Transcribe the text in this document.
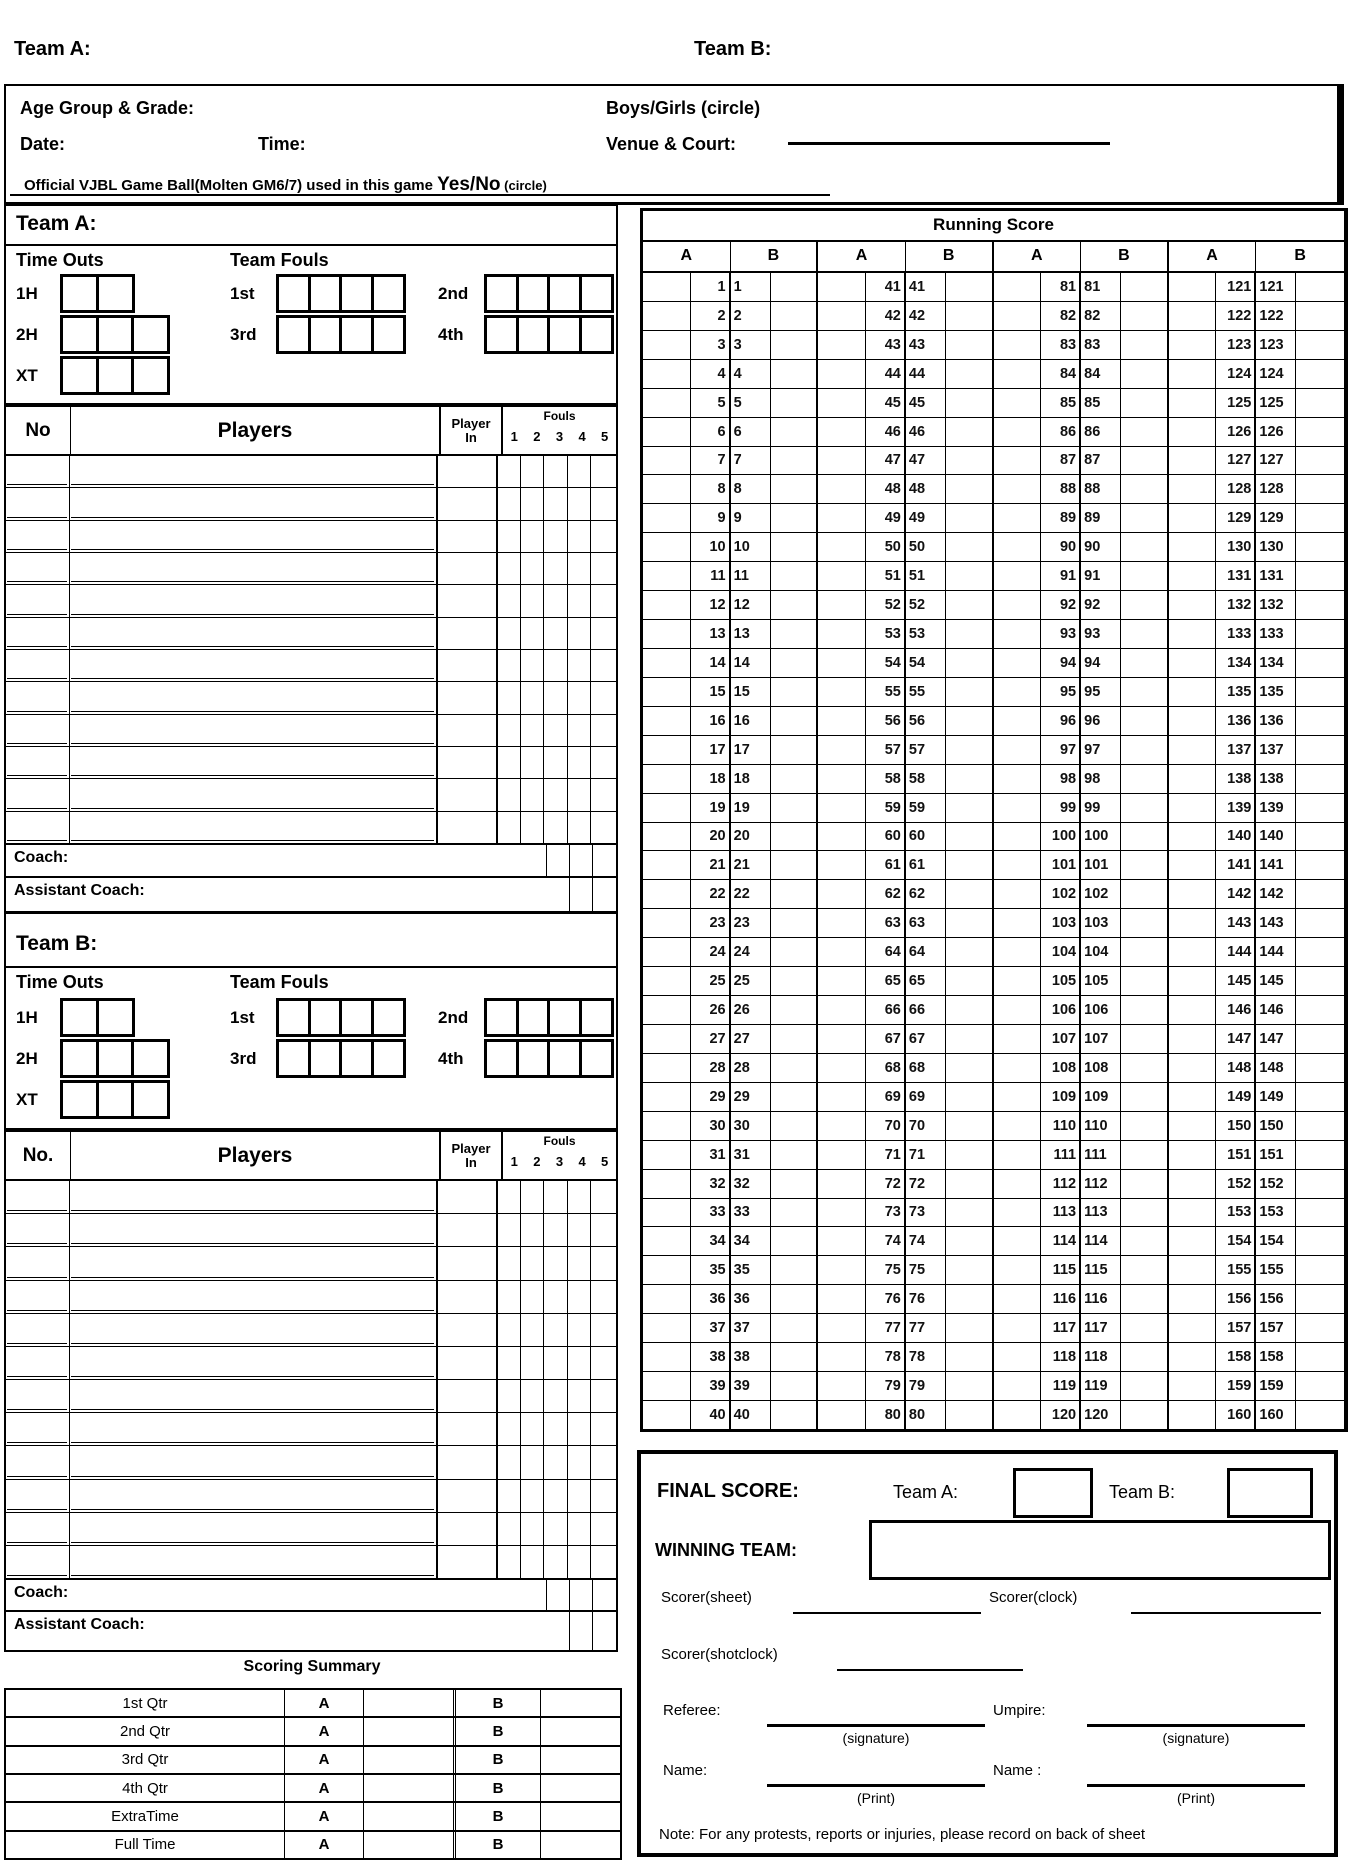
Team A:	Team B:
Age Group & Grade:	Boys/Girls (circle)
Date:	Time:	Venue & Court:
Official VJBL Game Ball(Molten GM6/7) used in this game Yes/No (circle)
Team A:
Time Outs	Team Fouls
1H
2H
XT
1st	2nd
3rd	4th
No	Players	Player
In
Fouls
1	2	3	4	5
Coach:
Assistant Coach:
Team B:
Time Outs	Team Fouls
1H
2H
XT
1st	2nd
3rd	4th
No.	Players	Player
In
Fouls
1	2	3	4	5
Coach:
Assistant Coach:
Scoring Summary
1st Qtr	A	B
2nd Qtr	A	B
3rd Qtr	A	B
4th Qtr	A	B
ExtraTime	A	B
Full Time	A	B
Running Score
A	B	A	B	A	B	A	B
1 1	41 41	81 81	121 121
2 2	42 42	82 82	122 122
3 3	43 43	83 83	123 123
4 4	44 44	84 84	124 124
5 5	45 45	85 85	125 125
6 6	46 46	86 86	126 126
7 7	47 47	87 87	127 127
8 8	48 48	88 88	128 128
9 9	49 49	89 89	129 129
10 10	50 50	90 90	130 130
11 11	51 51	91 91	131 131
12 12	52 52	92 92	132 132
13 13	53 53	93 93	133 133
14 14	54 54	94 94	134 134
15 15	55 55	95 95	135 135
16 16	56 56	96 96	136 136
17 17	57 57	97 97	137 137
18 18	58 58	98 98	138 138
19 19	59 59	99 99	139 139
20 20	60 60	100 100	140 140
21 21	61 61	101 101	141 141
22 22	62 62	102 102	142 142
23 23	63 63	103 103	143 143
24 24	64 64	104 104	144 144
25 25	65 65	105 105	145 145
26 26	66 66	106 106	146 146
27 27	67 67	107 107	147 147
28 28	68 68	108 108	148 148
29 29	69 69	109 109	149 149
30 30	70 70	110 110	150 150
31 31	71 71	111 111	151 151
32 32	72 72	112 112	152 152
33 33	73 73	113 113	153 153
34 34	74 74	114 114	154 154
35 35	75 75	115 115	155 155
36 36	76 76	116 116	156 156
37 37	77 77	117 117	157 157
38 38	78 78	118 118	158 158
39 39	79 79	119 119	159 159
40 40	80 80	120 120	160 160
FINAL SCORE:	Team A:	Team B:
WINNING TEAM:
Scorer(sheet)	Scorer(clock)
Scorer(shotclock)
Referee:
(signature)
Umpire:
(signature)
Name:
(Print)
Name :
(Print)
Note: For any protests, reports or injuries, please record on back of sheet
